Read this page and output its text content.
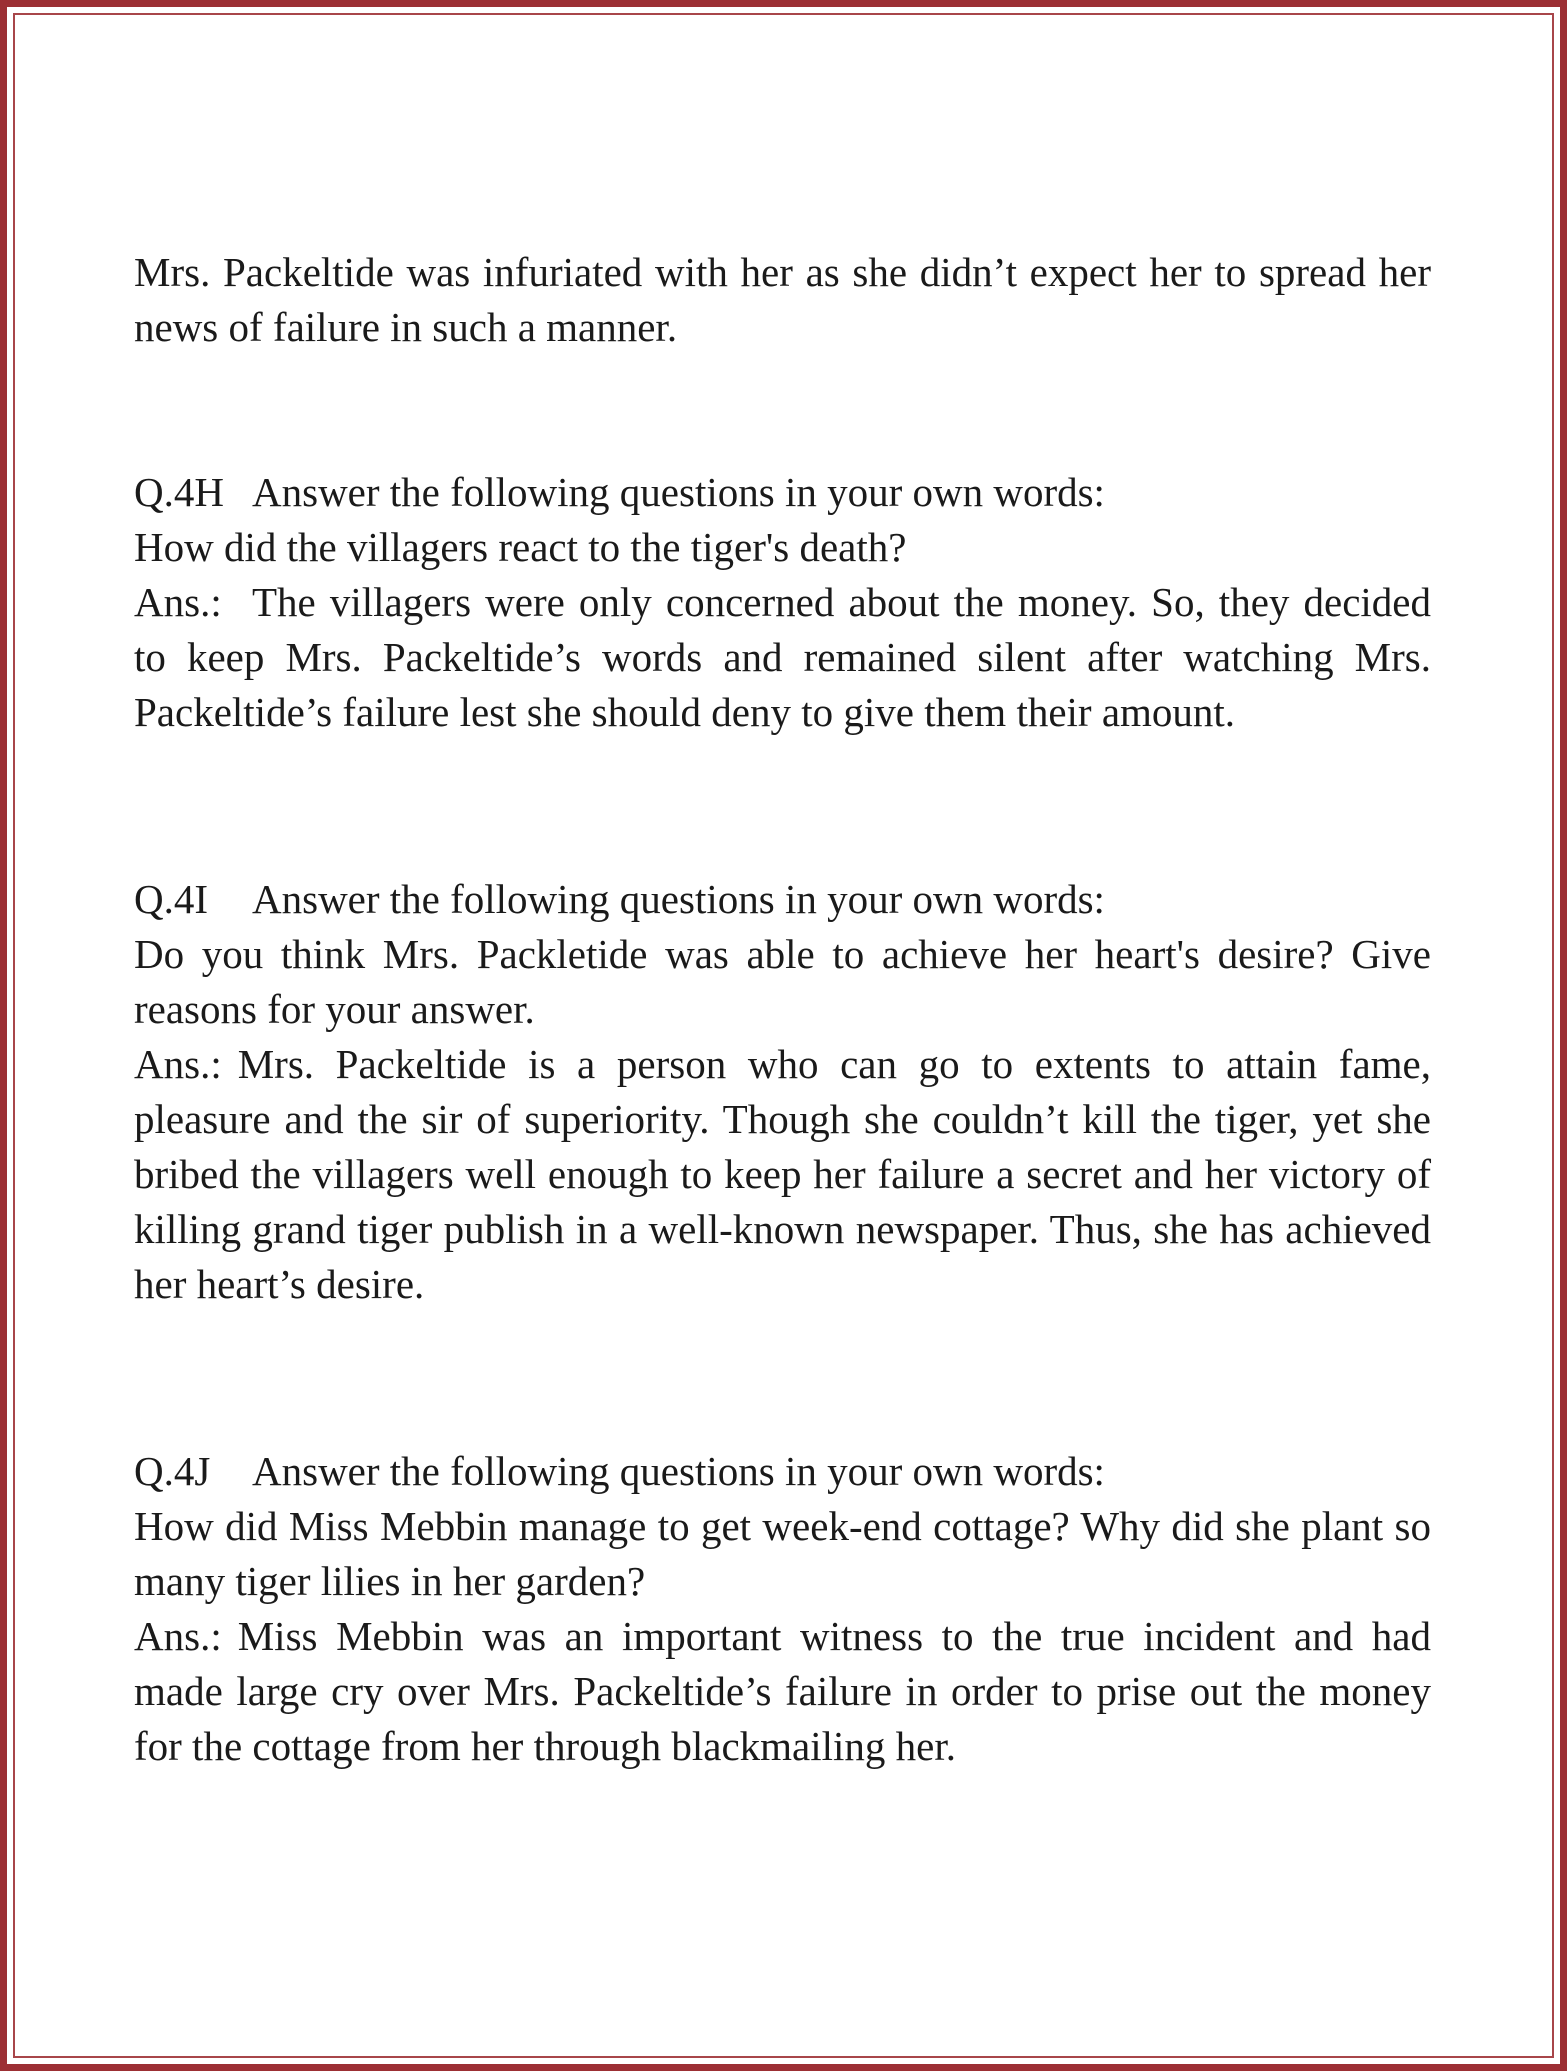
Mrs. Packeltide was infuriated with her as she didn’t expect her to spread her news of failure in such a manner.

Q.4H Answer the following questions in your own words:

How did the villagers react to the tiger's death?

Ans.: The villagers were only concerned about the money. So, they decided to keep Mrs. Packeltide’s words and remained silent after watching Mrs. Packeltide’s failure lest she should deny to give them their amount.

Q.4I Answer the following questions in your own words:

Do you think Mrs. Packletide was able to achieve her heart's desire? Give reasons for your answer.

Ans.: Mrs. Packeltide is a person who can go to extents to attain fame, pleasure and the sir of superiority. Though she couldn’t kill the tiger, yet she bribed the villagers well enough to keep her failure a secret and her victory of killing grand tiger publish in a well-known newspaper. Thus, she has achieved her heart’s desire.

Q.4J Answer the following questions in your own words:

How did Miss Mebbin manage to get week-end cottage? Why did she plant so many tiger lilies in her garden?

Ans.: Miss Mebbin was an important witness to the true incident and had made large cry over Mrs. Packeltide’s failure in order to prise out the money for the cottage from her through blackmailing her.
